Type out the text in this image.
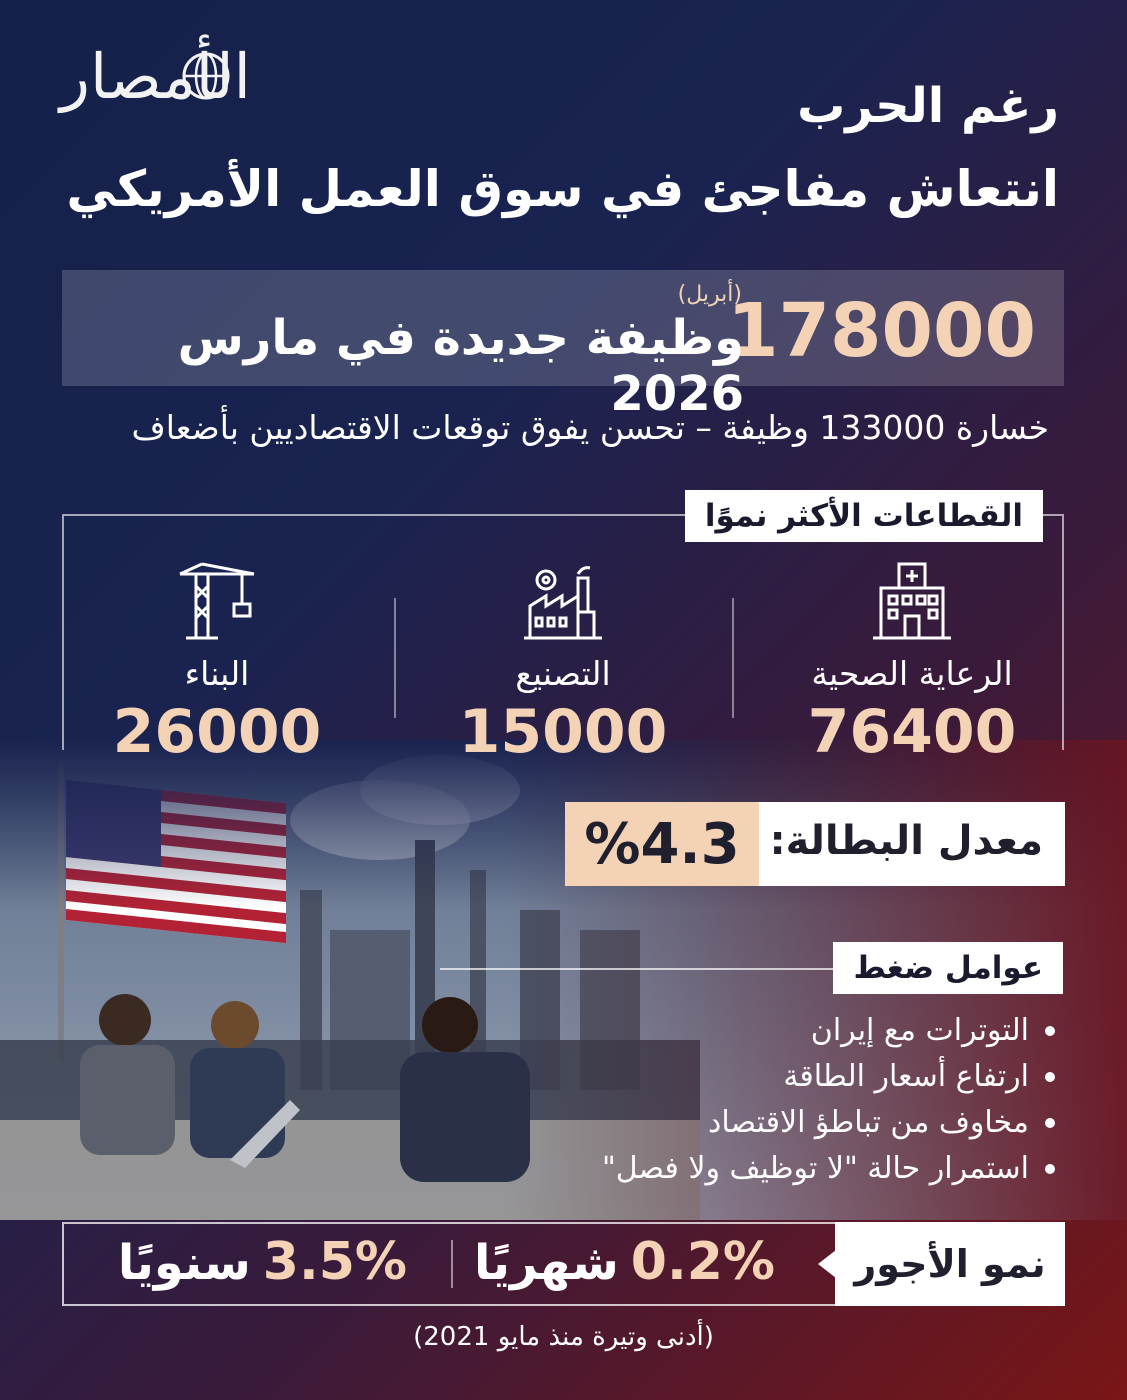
الأمصار	رغم الحرب
انتعاش مفاجئ في سوق العمل الأمريكي
178000
(أبريل)
وظيفة جديدة في مارس 2026
خسارة 133000 وظيفة – تحسن يفوق توقعات الاقتصاديين بأضعاف
القطاعات الأكثر نموًا
الرعاية الصحية
76400
التصنيع
15000
البناء
26000
%4.3 معدل البطالة:
عوامل ضغط
التوترات مع إيران
ارتفاع أسعار الطاقة
مخاوف من تباطؤ الاقتصاد
استمرار حالة "لا توظيف ولا فصل"
نمو الأجور
0.2%
شهريًا
3.5%
سنويًا
(أدنى وتيرة منذ مايو 2021)
